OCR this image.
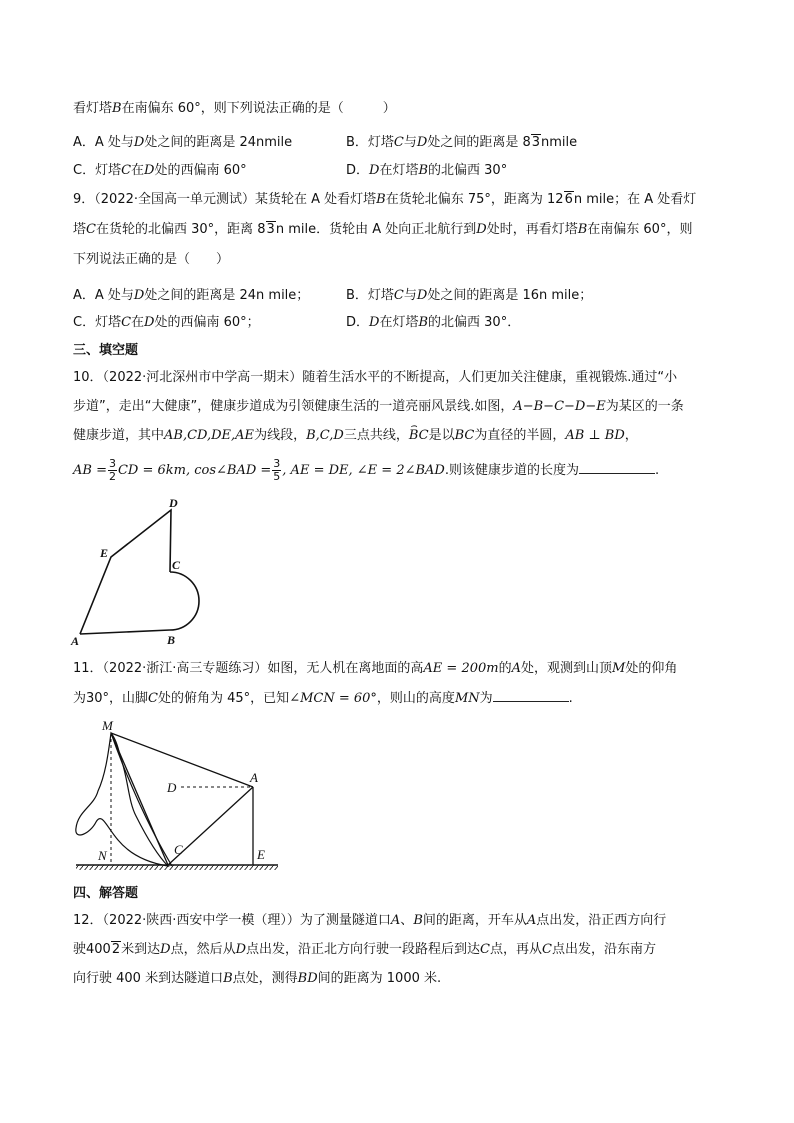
看灯塔B在南偏东 60°，则下列说法正确的是（　　　）
A．A 处与D处之间的距离是 24nmile	B．灯塔C与D处之间的距离是 83nmile
C．灯塔C在D处的西偏南 60°	D．D在灯塔B的北偏西 30°
9．（2022·全国高一单元测试）某货轮在 A 处看灯塔B在货轮北偏东 75°，距离为 126n mile；在 A 处看灯
塔C在货轮的北偏西 30°，距离 83n mile．货轮由 A 处向正北航行到D处时，再看灯塔B在南偏东 60°，则
下列说法正确的是（　　）
A．A 处与D处之间的距离是 24n mile；	B．灯塔C与D处之间的距离是 16n mile；
C．灯塔C在D处的西偏南 60°；	D．D在灯塔B的北偏西 30°．
三、填空题
10．（2022·河北深州市中学高一期末）随着生活水平的不断提高，人们更加关注健康，重视锻炼.通过“小
步道”，走出“大健康”，健康步道成为引领健康生活的一道亮丽风景线.如图，A−B−C−D−E为某区的一条
健康步道，其中AB,CD,DE,AE为线段，B,C,D三点共线，⌢ BC是以BC为直径的半圆，AB ⊥ BD，
AB = $\frac{3}{2}$ CD = 6km, cos∠BAD = $\frac{3}{5}$ , AE = DE, ∠E = 2∠BAD.则该健康步道的长度为	.
A	B
C
D
E
11．（2022·浙江·高三专题练习）如图，无人机在离地面的高AE = 200m的A处，观测到山顶M处的仰角
为30°，山脚C处的俯角为 45°，已知∠MCN = 60°，则山的高度MN为	.
M
A
D
N	C	E
四、解答题
12．（2022·陕西·西安中学一模（理））为了测量隧道口A、B间的距离，开车从A点出发，沿正西方向行
驶4002米到达D点，然后从D点出发，沿正北方向行驶一段路程后到达C点，再从C点出发，沿东南方
向行驶 400 米到达隧道口B点处，测得BD间的距离为 1000 米.
